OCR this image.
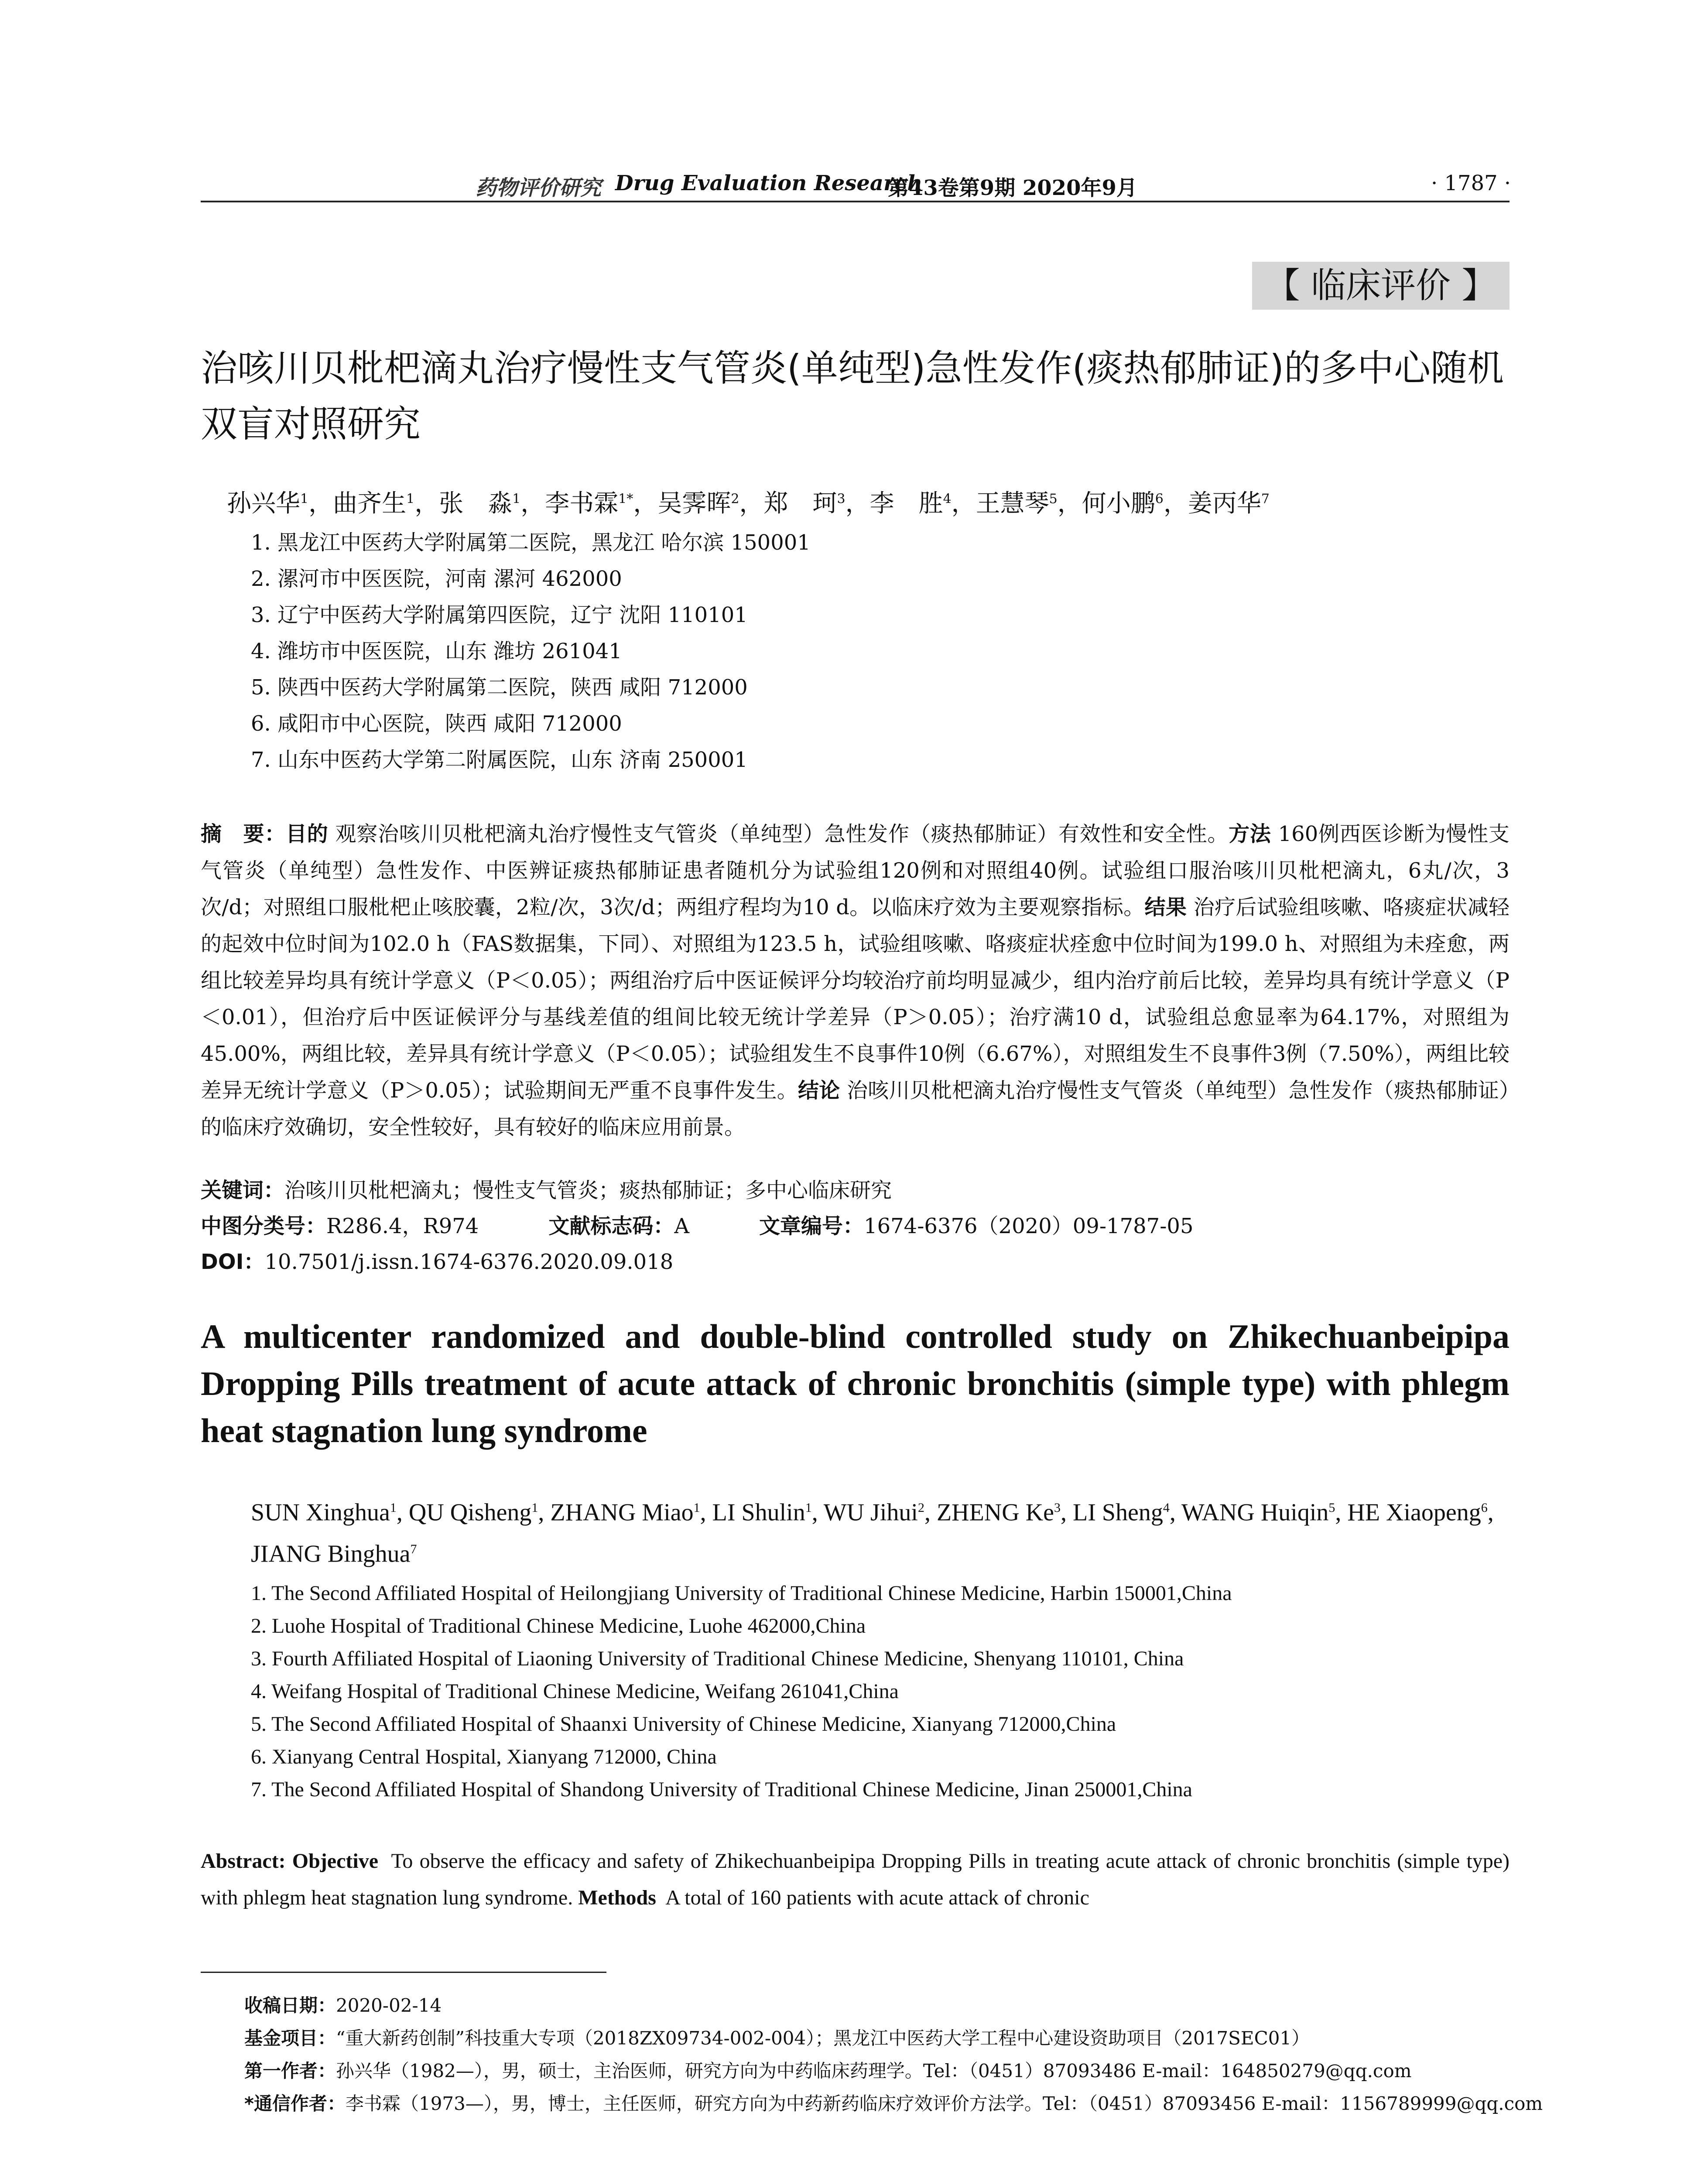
药物评价研究 Drug Evaluation Research
第43卷第9期 2020年9月	· 1787 ·
【 临床评价 】
治咳川贝枇杷滴丸治疗慢性支气管炎(单纯型)急性发作(痰热郁肺证)的多中心随机双盲对照研究
孙兴华$^1$，曲齐生$^1$，张　淼$^1$，李书霖$^{1*}$，吴霁晖$^2$，郑　珂$^3$，李　胜$^4$，王慧琴$^5$，何小鹏$^6$，姜丙华$^7$
1. 黑龙江中医药大学附属第二医院，黑龙江 哈尔滨 150001
2. 漯河市中医医院，河南 漯河 462000
3. 辽宁中医药大学附属第四医院，辽宁 沈阳 110101
4. 潍坊市中医医院，山东 潍坊 261041
5. 陕西中医药大学附属第二医院，陕西 咸阳 712000
6. 咸阳市中心医院，陕西 咸阳 712000
7. 山东中医药大学第二附属医院，山东 济南 250001
摘　要：目的 观察治咳川贝枇杷滴丸治疗慢性支气管炎（单纯型）急性发作（痰热郁肺证）有效性和安全性。方法 160例西医诊断为慢性支气管炎（单纯型）急性发作、中医辨证痰热郁肺证患者随机分为试验组120例和对照组40例。试验组口服治咳川贝枇杷滴丸，6丸/次，3次/d；对照组口服枇杷止咳胶囊，2粒/次，3次/d；两组疗程均为10 d。以临床疗效为主要观察指标。结果 治疗后试验组咳嗽、咯痰症状减轻的起效中位时间为102.0 h（FAS数据集，下同）、对照组为123.5 h，试验组咳嗽、咯痰症状痊愈中位时间为199.0 h、对照组为未痊愈，两组比较差异均具有统计学意义（P＜0.05）；两组治疗后中医证候评分均较治疗前均明显减少，组内治疗前后比较，差异均具有统计学意义（P＜0.01），但治疗后中医证候评分与基线差值的组间比较无统计学差异（P＞0.05）；治疗满10 d，试验组总愈显率为64.17%，对照组为45.00%，两组比较，差异具有统计学意义（P＜0.05）；试验组发生不良事件10例（6.67%），对照组发生不良事件3例（7.50%），两组比较差异无统计学意义（P＞0.05）；试验期间无严重不良事件发生。结论 治咳川贝枇杷滴丸治疗慢性支气管炎（单纯型）急性发作（痰热郁肺证）的临床疗效确切，安全性较好，具有较好的临床应用前景。
关键词：治咳川贝枇杷滴丸；慢性支气管炎；痰热郁肺证；多中心临床研究
中图分类号：R286.4，R974	文献标志码：A	文章编号：1674-6376（2020）09-1787-05
DOI：10.7501/j.issn.1674-6376.2020.09.018
A multicenter randomized and double-blind controlled study on Zhikechuanbeipipa Dropping Pills treatment of acute attack of chronic bronchitis (simple type) with phlegm heat stagnation lung syndrome
SUN Xinghua$^1$, QU Qisheng$^1$, ZHANG Miao$^1$, LI Shulin$^1$, WU Jihui$^2$, ZHENG Ke$^3$, LI Sheng$^4$, WANG Huiqin$^5$, HE Xiaopeng$^6$, JIANG Binghua$^7$
1. The Second Affiliated Hospital of Heilongjiang University of Traditional Chinese Medicine, Harbin 150001,China
2. Luohe Hospital of Traditional Chinese Medicine, Luohe 462000,China
3. Fourth Affiliated Hospital of Liaoning University of Traditional Chinese Medicine, Shenyang 110101, China
4. Weifang Hospital of Traditional Chinese Medicine, Weifang 261041,China
5. The Second Affiliated Hospital of Shaanxi University of Chinese Medicine, Xianyang 712000,China
6. Xianyang Central Hospital, Xianyang 712000, China
7. The Second Affiliated Hospital of Shandong University of Traditional Chinese Medicine, Jinan 250001,China
Abstract: Objective To observe the efficacy and safety of Zhikechuanbeipipa Dropping Pills in treating acute attack of chronic bronchitis (simple type) with phlegm heat stagnation lung syndrome. Methods A total of 160 patients with acute attack of chronic
收稿日期：2020-02-14
基金项目：“重大新药创制”科技重大专项（2018ZX09734-002-004）；黑龙江中医药大学工程中心建设资助项目（2017SEC01）
第一作者：孙兴华（1982—），男，硕士，主治医师，研究方向为中药临床药理学。Tel：（0451）87093486 E-mail：164850279@qq.com
*通信作者：李书霖（1973—），男，博士，主任医师，研究方向为中药新药临床疗效评价方法学。Tel：（0451）87093456 E-mail：1156789999@qq.com
